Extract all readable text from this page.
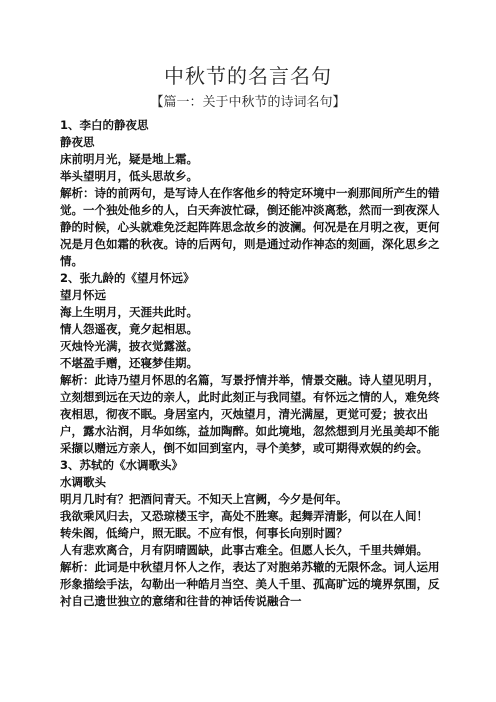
中秋节的名言名句
【篇一：关于中秋节的诗词名句】

1、李白的静夜思

静夜思

床前明月光，疑是地上霜。

举头望明月，低头思故乡。

解析：诗的前两句，是写诗人在作客他乡的特定环境中一刹那间所产生的错觉。一个独处他乡的人，白天奔波忙碌，倒还能冲淡离愁，然而一到夜深人静的时候，心头就难免泛起阵阵思念故乡的波澜。何况是在月明之夜，更何况是月色如霜的秋夜。诗的后两句，则是通过动作神态的刻画，深化思乡之情。

2、张九龄的《望月怀远》

望月怀远

海上生明月，天涯共此时。

情人怨遥夜，竟夕起相思。

灭烛怜光满，披衣觉露滋。

不堪盈手赠，还寝梦佳期。

解析：此诗乃望月怀思的名篇，写景抒情并举，情景交融。诗人望见明月，立刻想到远在天边的亲人，此时此刻正与我同望。有怀远之情的人，难免终夜相思，彻夜不眠。身居室内，灭烛望月，清光满屋，更觉可爱；披衣出户，露水沾润，月华如练，益加陶醉。如此境地，忽然想到月光虽美却不能采撷以赠远方亲人，倒不如回到室内，寻个美梦，或可期得欢娱的约会。

3、苏轼的《水调歌头》

水调歌头

明月几时有？把酒问青天。不知天上宫阙，今夕是何年。

我欲乘风归去，又恐琼楼玉宇，高处不胜寒。起舞弄清影，何以在人间！

转朱阁，低绮户，照无眠。不应有恨，何事长向别时圆？

人有悲欢离合，月有阴晴圆缺，此事古难全。但愿人长久，千里共婵娟。

解析：此词是中秋望月怀人之作，表达了对胞弟苏辙的无限怀念。词人运用形象描绘手法，勾勒出一种皓月当空、美人千里、孤高旷远的境界氛围，反衬自己遗世独立的意绪和往昔的神话传说融合一
